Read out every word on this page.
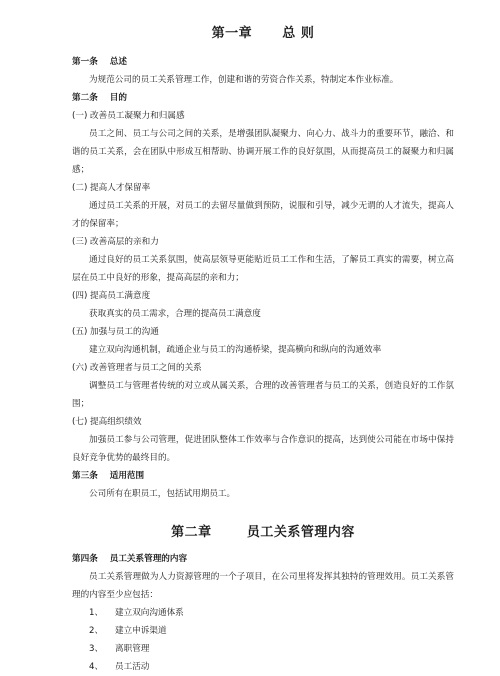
第一章      总 则
第一条    总述

为规范公司的员工关系管理工作，创建和谐的劳资合作关系，特制定本作业标准。

第二条    目的
(一) 改善员工凝聚力和归属感

员工之间、员工与公司之间的关系，是增强团队凝聚力、向心力、战斗力的重要环节，融洽、和谐的员工关系，会在团队中形成互相帮助、协调开展工作的良好氛围，从而提高员工的凝聚力和归属感；

(二) 提高人才保留率

通过员工关系的开展，对员工的去留尽量做到预防，说服和引导，减少无谓的人才流失，提高人才的保留率；

(三) 改善高层的亲和力

通过良好的员工关系氛围，使高层领导更能贴近员工工作和生活，了解员工真实的需要，树立高层在员工中良好的形象，提高高层的亲和力；

(四) 提高员工满意度

获取真实的员工需求，合理的提高员工满意度

(五) 加强与员工的沟通

建立双向沟通机制，疏通企业与员工的沟通桥梁，提高横向和纵向的沟通效率

(六) 改善管理者与员工之间的关系

调整员工与管理者传统的对立或从属关系，合理的改善管理者与员工的关系，创造良好的工作氛围；

(七) 提高组织绩效

加强员工参与公司管理，促进团队整体工作效率与合作意识的提高，达到使公司能在市场中保持良好竞争优势的最终目的。

第三条    适用范围

公司所有在职员工，包括试用期员工。

第二章       员工关系管理内容
第四条    员工关系管理的内容

员工关系管理做为人力资源管理的一个子项目，在公司里将发挥其独特的管理效用。员工关系管理的内容至少应包括：

1、 建立双向沟通体系
2、 建立申诉渠道
3、 离职管理
4、 员工活动
